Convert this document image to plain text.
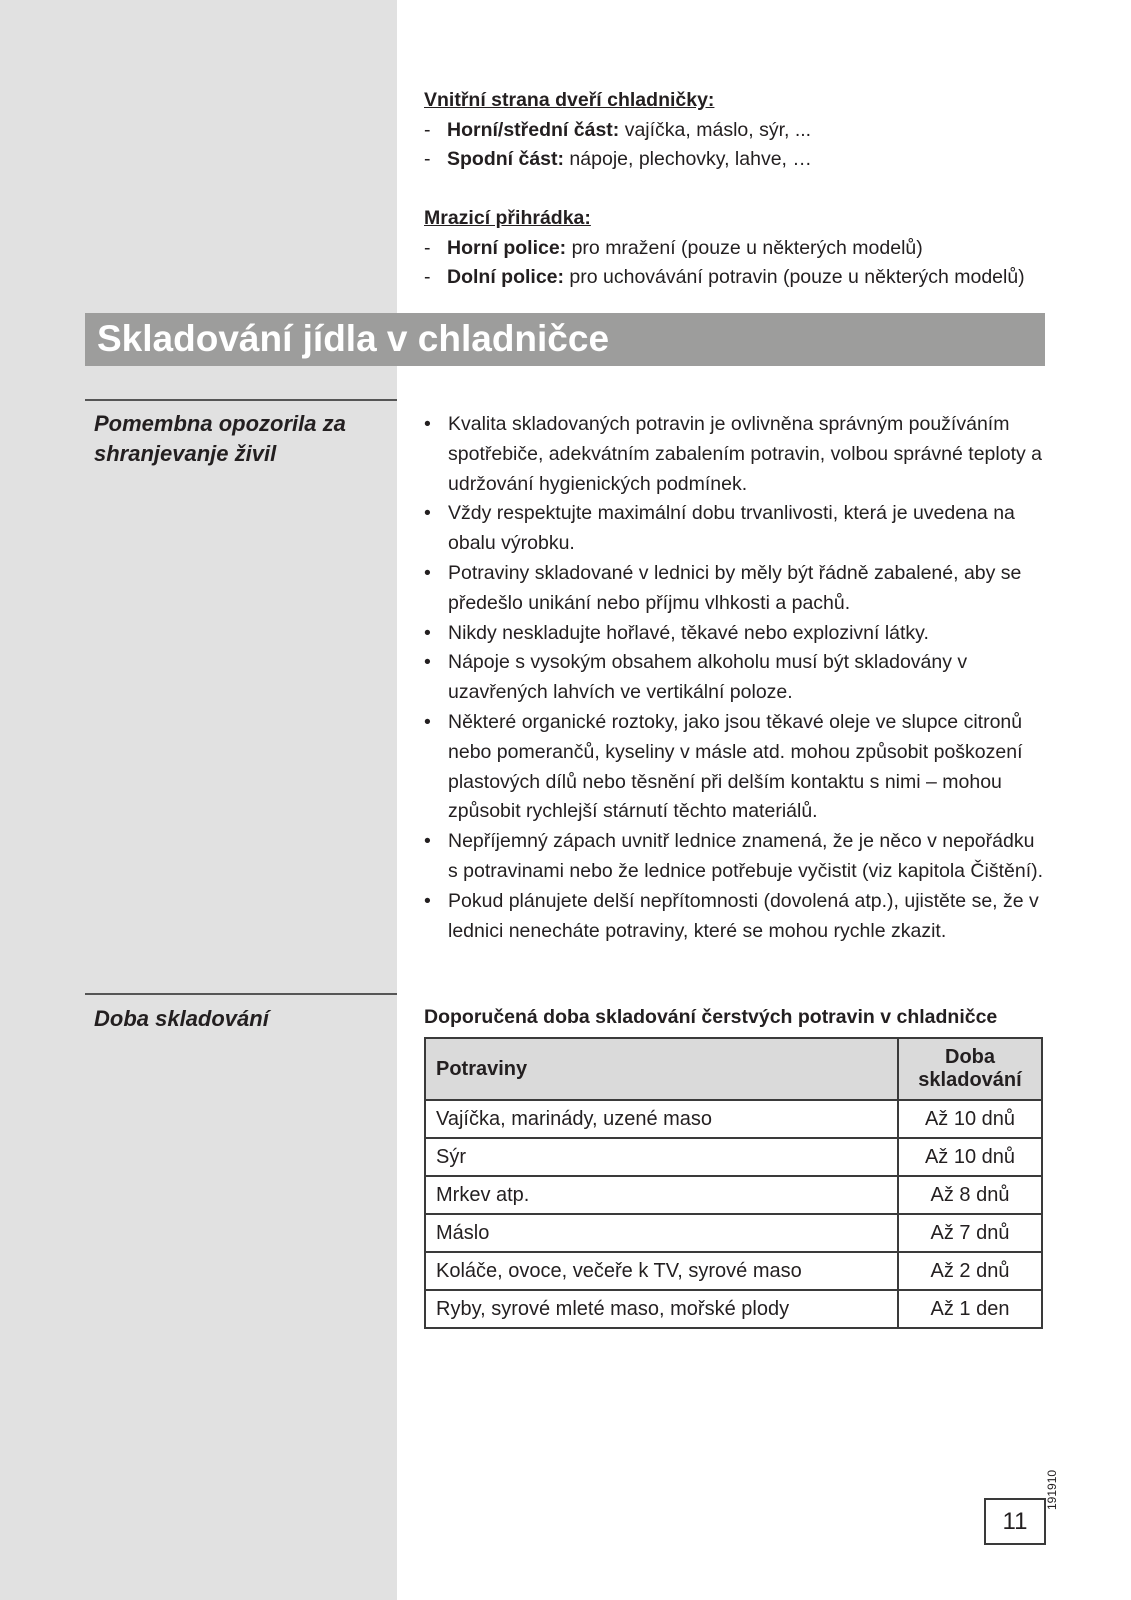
Vnitřní strana dveří chladničky:
- Horní/střední část: vajíčka, máslo, sýr, ...
- Spodní část: nápoje, plechovky, lahve, …
Mrazicí přihrádka:
- Horní police: pro mražení (pouze u některých modelů)
- Dolní police: pro uchovávání potravin (pouze u některých modelů)
Skladování jídla v chladničce
Pomembna opozorila za shranjevanje živil
• Kvalita skladovaných potravin je ovlivněna správným používáním spotřebiče, adekvátním zabalením potravin, volbou správné teploty a udržování hygienických podmínek.
• Vždy respektujte maximální dobu trvanlivosti, která je uvedena na obalu výrobku.
• Potraviny skladované v lednici by měly být řádně zabalené, aby se předešlo unikání nebo příjmu vlhkosti a pachů.
• Nikdy neskladujte hořlavé, těkavé nebo explozivní látky.
• Nápoje s vysokým obsahem alkoholu musí být skladovány v uzavřených lahvích ve vertikální poloze.
• Některé organické roztoky, jako jsou těkavé oleje ve slupce citronů nebo pomerančů, kyseliny v másle atd. mohou způsobit poškození plastových dílů nebo těsnění při delším kontaktu s nimi – mohou způsobit rychlejší stárnutí těchto materiálů.
• Nepříjemný zápach uvnitř lednice znamená, že je něco v nepořádku s potravinami nebo že lednice potřebuje vyčistit (viz kapitola Čištění).
• Pokud plánujete delší nepřítomnosti (dovolená atp.), ujistěte se, že v lednici nenecháte potraviny, které se mohou rychle zkazit.
Doba skladování	Doporučená doba skladování čerstvých potravin v chladničce
Potraviny	Doba skladování
Vajíčka, marinády, uzené maso	Až 10 dnů
Sýr	Až 10 dnů
Mrkev atp.	Až 8 dnů
Máslo	Až 7 dnů
Koláče, ovoce, večeře k TV, syrové maso	Až 2 dnů
Ryby, syrové mleté maso, mořské plody	Až 1 den
191910
11
